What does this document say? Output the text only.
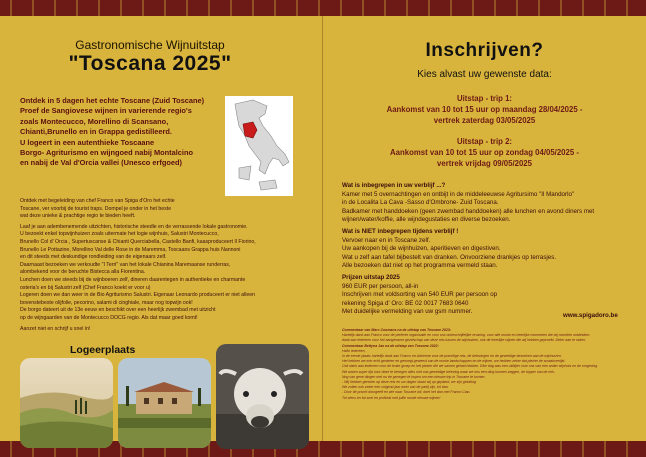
Gastronomische Wijnuitstap
"Toscana 2025"
Ontdek in 5 dagen het echte Toscane (Zuid Toscane)
Proef de Sangiovese wijnen in varierende regio's
zoals Montecucco, Morellino di Scansano,
Chianti,Brunello en in Grappa gedistilleerd.
U logeert in een autenthieke Toscaane
Borgo- Agriturismo en wijngoed nabij Montalcino
en nabij de Val d'Orcia vallei (Unesco erfgoed)

Ontdek met begeleiding van chef Franco van Spiga d'Oro het echte
Toscane, ver voorbij de tourist traps. Dompel je onder in het beste
wat deze unieke & prachtige regio te bieden heeft.

Laaf je aan adembenemende uitzichten, historische steedle en de verrassende lokale gastronomie.
U bezoekt enkel topwijnhuizen zoals uitermate het logie wijnhuis, Salustri Montecucco,
Brunello Col d' Orcia , Supertuscanse & Chianti Querciabella, Castello Banfi, kaasproduceert Il Fiorino,
Brunello Le Pottazine, Morellino Val delle Rose in de Maremma, Toscaans Grappa huis Nannoni
en dit steeds met deskundige rondleiding van de eigenaars zelf.
Daarnaast bezoeken we verkoudte "I Terri" van het lokale Chianina Maremaanse runderras,
alombekend voor de beruchte Bistecca alla Fiorentina.
Lunchen doen we steeds bij de wijnboeren zelf, dineren daarentegen in authentieke en charmante
osteria's en bij Salustri zelf (Chef Franco koekt er voor u)
Logeren doen we dan weer in de Bio Agriturismo Salustri. Eigenaar Leonardo produceert er niet alleen
bovenstebeste olijfolie, pecorino, salami di cinghiale, maar nog topwijn ook!
De borgo dateert uit de 13e eeuw en beschikt over een heerlijk zwembad met uitzicht
op de wijngaarden van de Montecucco DOCG regio. Als dat maar goed komt!

Aanzet niet en schrijf u snel in!

Logeerplaats
Inschrijven?
Kies alvast uw gewenste data:
Uitstap - trip 1:
Aankomst van 10 tot 15 uur op maandag 28/04/2025 -
vertrek zaterdag 03/05/2025
Uitstap - trip 2:
Aankomst van 10 tot 15 uur op zondag 04/05/2025 -
vertrek vrijdag 09/05/2025
Wat is inbegrepen in uw verblijf ...?
Kamer met 5 overnachtingen en ontbijt in de middeleeuwse Agritursimo "Il Mandorlo"
in de Localita La Cava -Sasso d'Ombrone- Zuid Toscana.
Badkamer met handdoeken (geen zwembad handdoeken) alle lunchen en avond diners met
wijnen/water/koffie, alle wijndegustaties en diverse bezoeken.
Wat is NIET inbegrepen tijdens verblijf !
Vervoer naar en in Toscane zelf.
Uw aankopen bij de wijnhuizen, aperitieven en digestiven.
Wat u zelf aan tafel bijbestelt van dranken. Onvoorziene drankjes op terrasjes.
Alle bezoeken dat niet op het programma vermeld staan.
Prijzen uitstap 2025
960 EUR per persoon, all-in
Inschrijven met voldsorting van 540 EUR per persoon op
rekening Spiga d' Oro: BE 02 0017 7683 0640
Met duidelijke vermelding van uw gsm nummer.
www.spigadoro.be
Commentaar van Marc Coomans na de uitstap van Toscane 2023:
Hartelijk dank aan Franco voor de perfecte organisatie en voor ons onbeschrijfelijke ervaring. voor alle mooie en heerlijke momenten die wij mochten ontdekken.
dank aan iedereen voor het aangename gezelschap van deze reis tussen de wijnhuizen, ook de heerlijke wijnen die wij hebben geproefd. Zeker aan te raden.
Commentaar Bettyna Jan na de uitstap van Toscane 2022:
Hallo iedereen,
In de eerste plaats hartelijk dank aan Franco en Adrienne voor de prachtige reis, de belevingen en de geweldige bezoeken aan de wijnhuizen.
Het hebben we erin echt genieten en genoegt geweest van de mooie landschappen en de wijnen, we hebben zeker dat plezier de smaakverrijkt.
Ook dank aan iedereen voor de leuke groep en het plezier die we samen gehad hebben. Elke dag was een uitbijter voor ons van een ander wijnhuis en de omgeving.
We waren super tijd voor deze te beregen alles met ons geweldige beleving waar we ons een ding kunnen zeggen, de topper van de reis.
Nog van gene dingen met nu de genegen te kopen om een nieuwe trip in Toscane te komen.
- Wij hebben genoten op deze reis en uw dagen staan wij op gepland, we zijn gelukkig.
We zullen ook zeker een volgend jaar weer van de partij zijn, tot dan.
- Door de pracht doorgeeft en wie naar Toscane wil, doet het dan met Franco Ciao.
Tot ziens en tot snel en proficiat met jullie mooie nieuwe wijnen!
